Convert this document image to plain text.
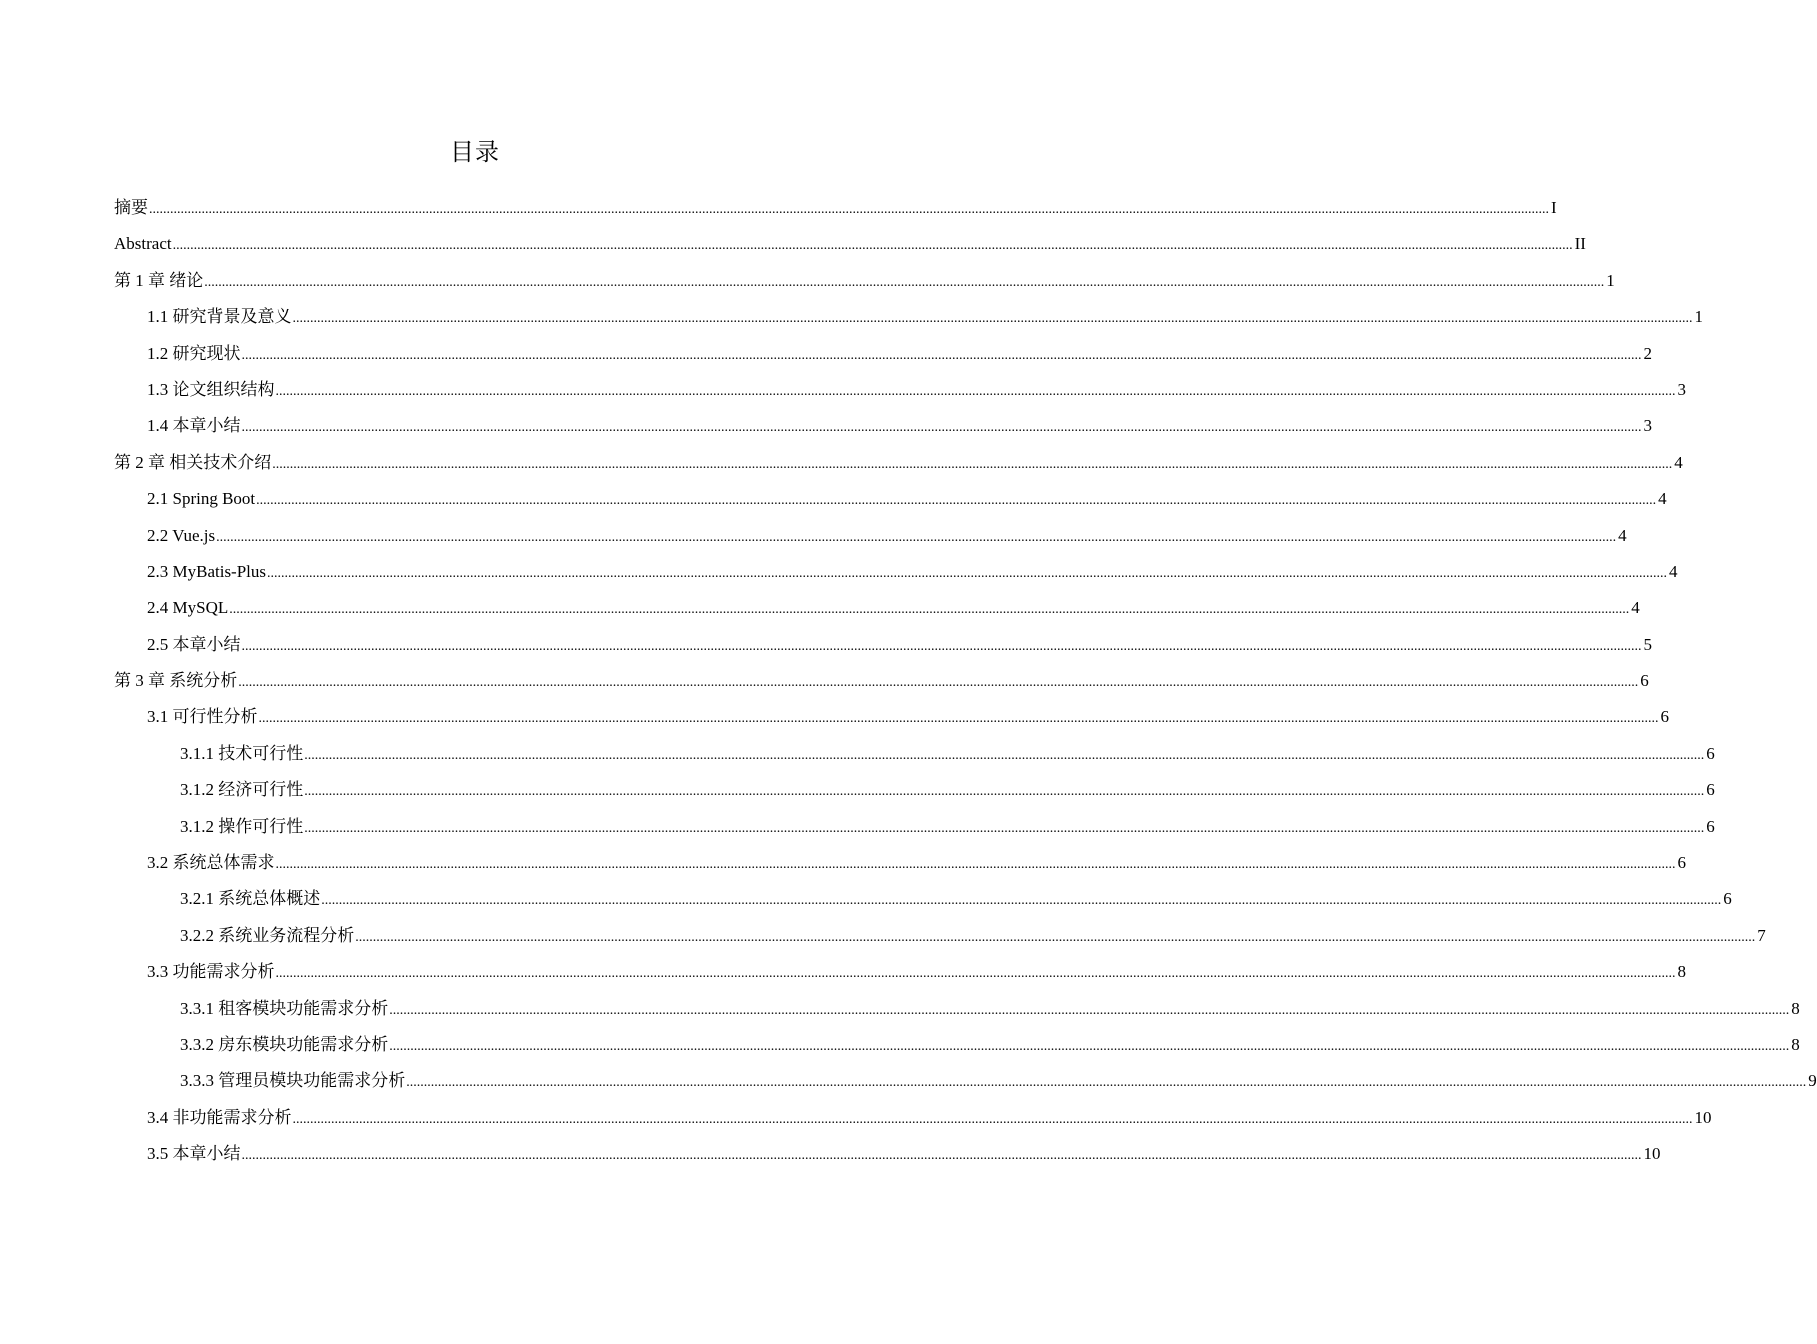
目录
摘要 ................................................................................................................................................................................................................................................................................................................................................................................................................ I
Abstract ................................................................................................................................................................................................................................................................................................................................................................................................................ II
第 1 章 绪论 ................................................................................................................................................................................................................................................................................................................................................................................................................ 1
1.1 研究背景及意义 ................................................................................................................................................................................................................................................................................................................................................................................................................ 1
1.2 研究现状 ................................................................................................................................................................................................................................................................................................................................................................................................................ 2
1.3 论文组织结构 ................................................................................................................................................................................................................................................................................................................................................................................................................ 3
1.4 本章小结 ................................................................................................................................................................................................................................................................................................................................................................................................................ 3
第 2 章 相关技术介绍 ................................................................................................................................................................................................................................................................................................................................................................................................................ 4
2.1 Spring Boot ................................................................................................................................................................................................................................................................................................................................................................................................................ 4
2.2 Vue.js ................................................................................................................................................................................................................................................................................................................................................................................................................ 4
2.3 MyBatis-Plus ................................................................................................................................................................................................................................................................................................................................................................................................................ 4
2.4 MySQL ................................................................................................................................................................................................................................................................................................................................................................................................................ 4
2.5 本章小结 ................................................................................................................................................................................................................................................................................................................................................................................................................ 5
第 3 章 系统分析 ................................................................................................................................................................................................................................................................................................................................................................................................................ 6
3.1 可行性分析 ................................................................................................................................................................................................................................................................................................................................................................................................................ 6
3.1.1 技术可行性 ................................................................................................................................................................................................................................................................................................................................................................................................................ 6
3.1.2 经济可行性 ................................................................................................................................................................................................................................................................................................................................................................................................................ 6
3.1.2 操作可行性 ................................................................................................................................................................................................................................................................................................................................................................................................................ 6
3.2 系统总体需求 ................................................................................................................................................................................................................................................................................................................................................................................................................ 6
3.2.1 系统总体概述 ................................................................................................................................................................................................................................................................................................................................................................................................................ 6
3.2.2 系统业务流程分析 ................................................................................................................................................................................................................................................................................................................................................................................................................ 7
3.3 功能需求分析 ................................................................................................................................................................................................................................................................................................................................................................................................................ 8
3.3.1 租客模块功能需求分析 ................................................................................................................................................................................................................................................................................................................................................................................................................ 8
3.3.2 房东模块功能需求分析 ................................................................................................................................................................................................................................................................................................................................................................................................................ 8
3.3.3 管理员模块功能需求分析 ................................................................................................................................................................................................................................................................................................................................................................................................................ 9
3.4 非功能需求分析 ................................................................................................................................................................................................................................................................................................................................................................................................................ 10
3.5 本章小结 ................................................................................................................................................................................................................................................................................................................................................................................................................ 10
